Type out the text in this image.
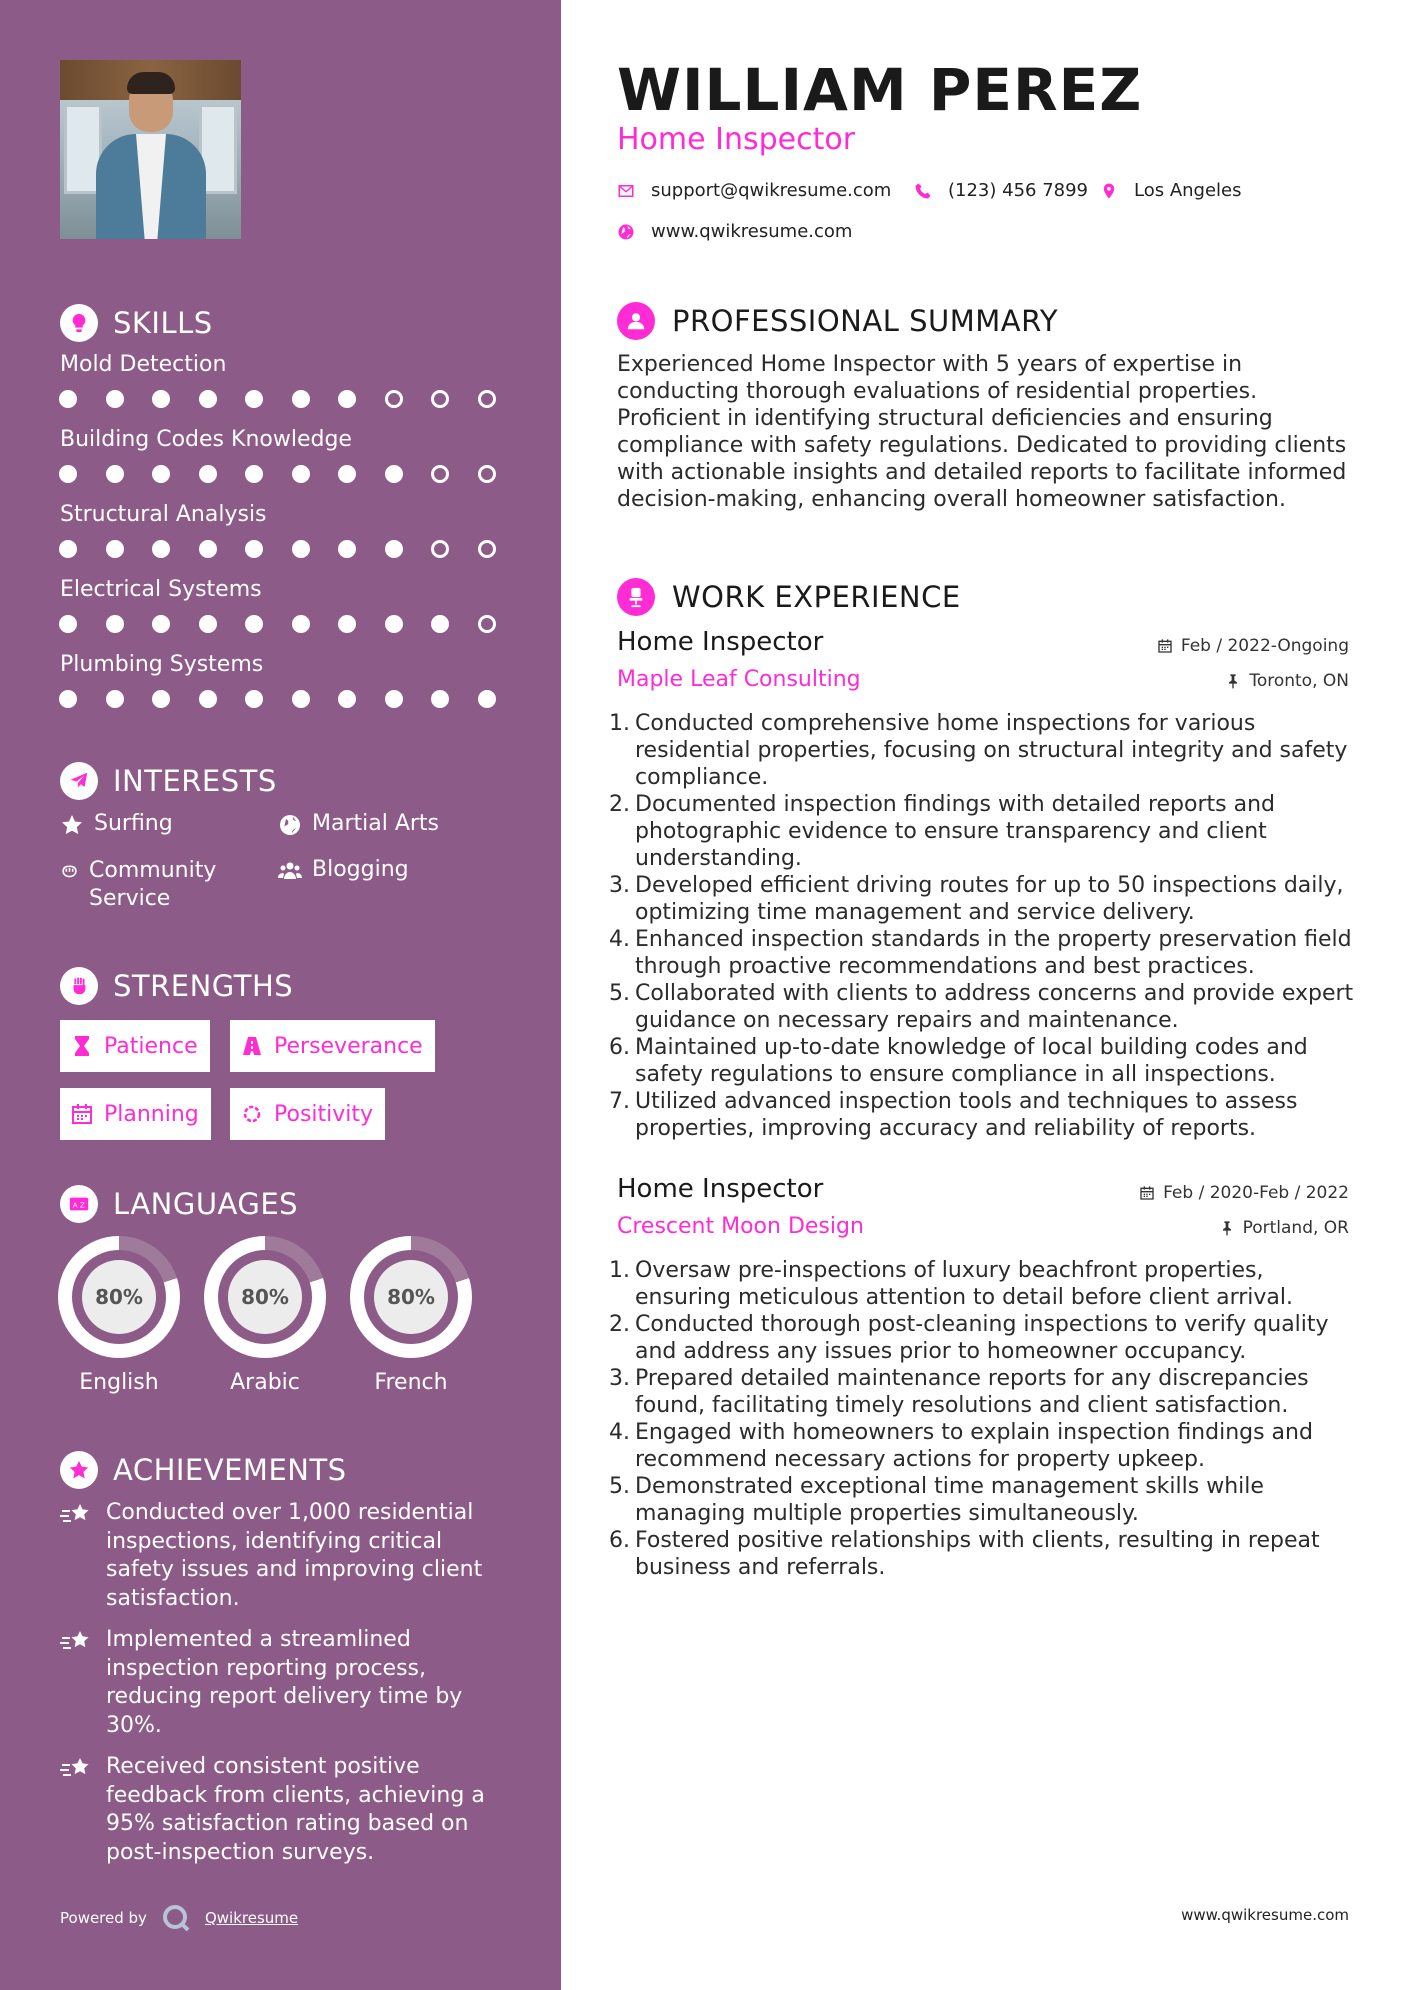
SKILLS
INTERESTS
Surfing	Martial Arts
Community Service
Blogging
STRENGTHS
Patience	Perseverance
Planning	Positivity
A Z LANGUAGES
ACHIEVEMENTS
Powered by	Qwikresume
Mold Detection
Building Codes Knowledge
Structural Analysis
Electrical Systems
Plumbing Systems
80%
English
80%
Arabic
80%
French
Conducted over 1,000 residential inspections, identifying critical safety issues and improving client satisfaction.
Implemented a streamlined inspection reporting process, reducing report delivery time by 30%.
Received consistent positive feedback from clients, achieving a 95% satisfaction rating based on post-inspection surveys.
WILLIAM PEREZ
Home Inspector
support@qwikresume.com	(123) 456 7899	Los Angeles
www.qwikresume.com
PROFESSIONAL SUMMARY
Experienced Home Inspector with 5 years of expertise in conducting thorough evaluations of residential properties. Proficient in identifying structural deficiencies and ensuring compliance with safety regulations. Dedicated to providing clients with actionable insights and detailed reports to facilitate informed decision-making, enhancing overall homeowner satisfaction.
WORK EXPERIENCE
www.qwikresume.com
Home Inspector
Maple Leaf Consulting
Feb / 2022-Ongoing
Toronto, ON
1. Conducted comprehensive home inspections for various residential properties, focusing on structural integrity and safety compliance.
2. Documented inspection findings with detailed reports and photographic evidence to ensure transparency and client understanding.
3. Developed efficient driving routes for up to 50 inspections daily, optimizing time management and service delivery.
4. Enhanced inspection standards in the property preservation field through proactive recommendations and best practices.
5. Collaborated with clients to address concerns and provide expert guidance on necessary repairs and maintenance.
6. Maintained up-to-date knowledge of local building codes and safety regulations to ensure compliance in all inspections.
7. Utilized advanced inspection tools and techniques to assess properties, improving accuracy and reliability of reports.
Home Inspector
Crescent Moon Design
Feb / 2020-Feb / 2022
Portland, OR
1. Oversaw pre-inspections of luxury beachfront properties, ensuring meticulous attention to detail before client arrival.
2. Conducted thorough post-cleaning inspections to verify quality and address any issues prior to homeowner occupancy.
3. Prepared detailed maintenance reports for any discrepancies found, facilitating timely resolutions and client satisfaction.
4. Engaged with homeowners to explain inspection findings and recommend necessary actions for property upkeep.
5. Demonstrated exceptional time management skills while managing multiple properties simultaneously.
6. Fostered positive relationships with clients, resulting in repeat business and referrals.
